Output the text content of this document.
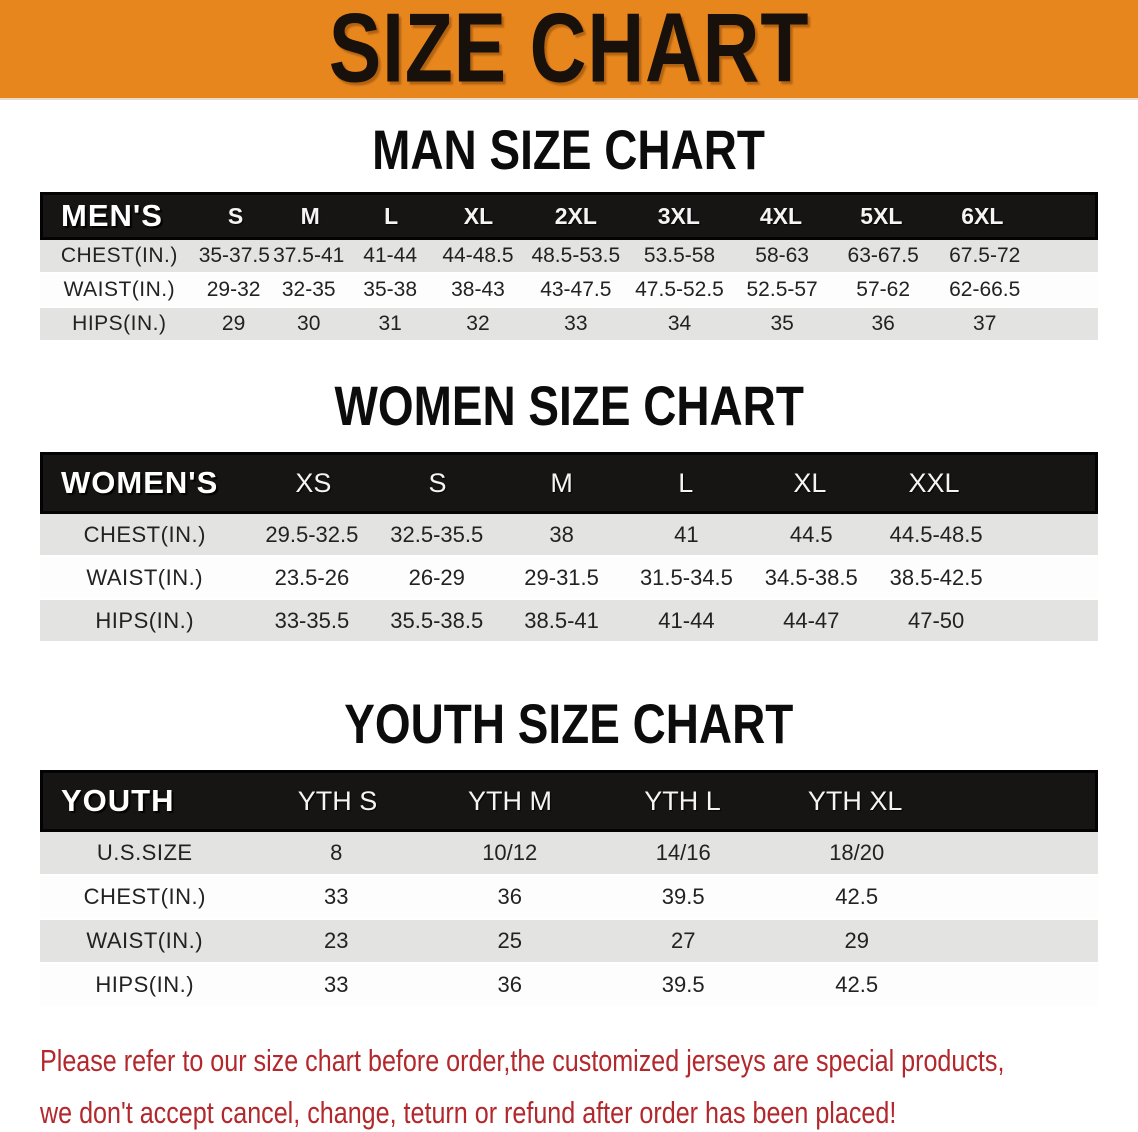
SIZE CHART
MAN SIZE CHART
MEN'S	S	M	L	XL	2XL	3XL	4XL	5XL	6XL
CHEST(IN.) 35-37.5 37.5-41 41-44	44-48.5 48.5-53.5	53.5-58	58-63	63-67.5	67.5-72
WAIST(IN.)	29-32	32-35	35-38	38-43	43-47.5	47.5-52.5	52.5-57	57-62	62-66.5
HIPS(IN.)	29	30	31	32	33	34	35	36	37
WOMEN SIZE CHART
WOMEN'S	XS	S	M	L	XL	XXL
CHEST(IN.)	29.5-32.5	32.5-35.5	38	41	44.5	44.5-48.5
WAIST(IN.)	23.5-26	26-29	29-31.5	31.5-34.5	34.5-38.5	38.5-42.5
HIPS(IN.)	33-35.5	35.5-38.5	38.5-41	41-44	44-47	47-50
YOUTH SIZE CHART
YOUTH	YTH S	YTH M	YTH L	YTH XL
U.S.SIZE	8	10/12	14/16	18/20
CHEST(IN.)	33	36	39.5	42.5
WAIST(IN.)	23	25	27	29
HIPS(IN.)	33	36	39.5	42.5
Please refer to our size chart before order,the customized jerseys are special products,
we don't accept cancel, change, teturn or refund after order has been placed!
